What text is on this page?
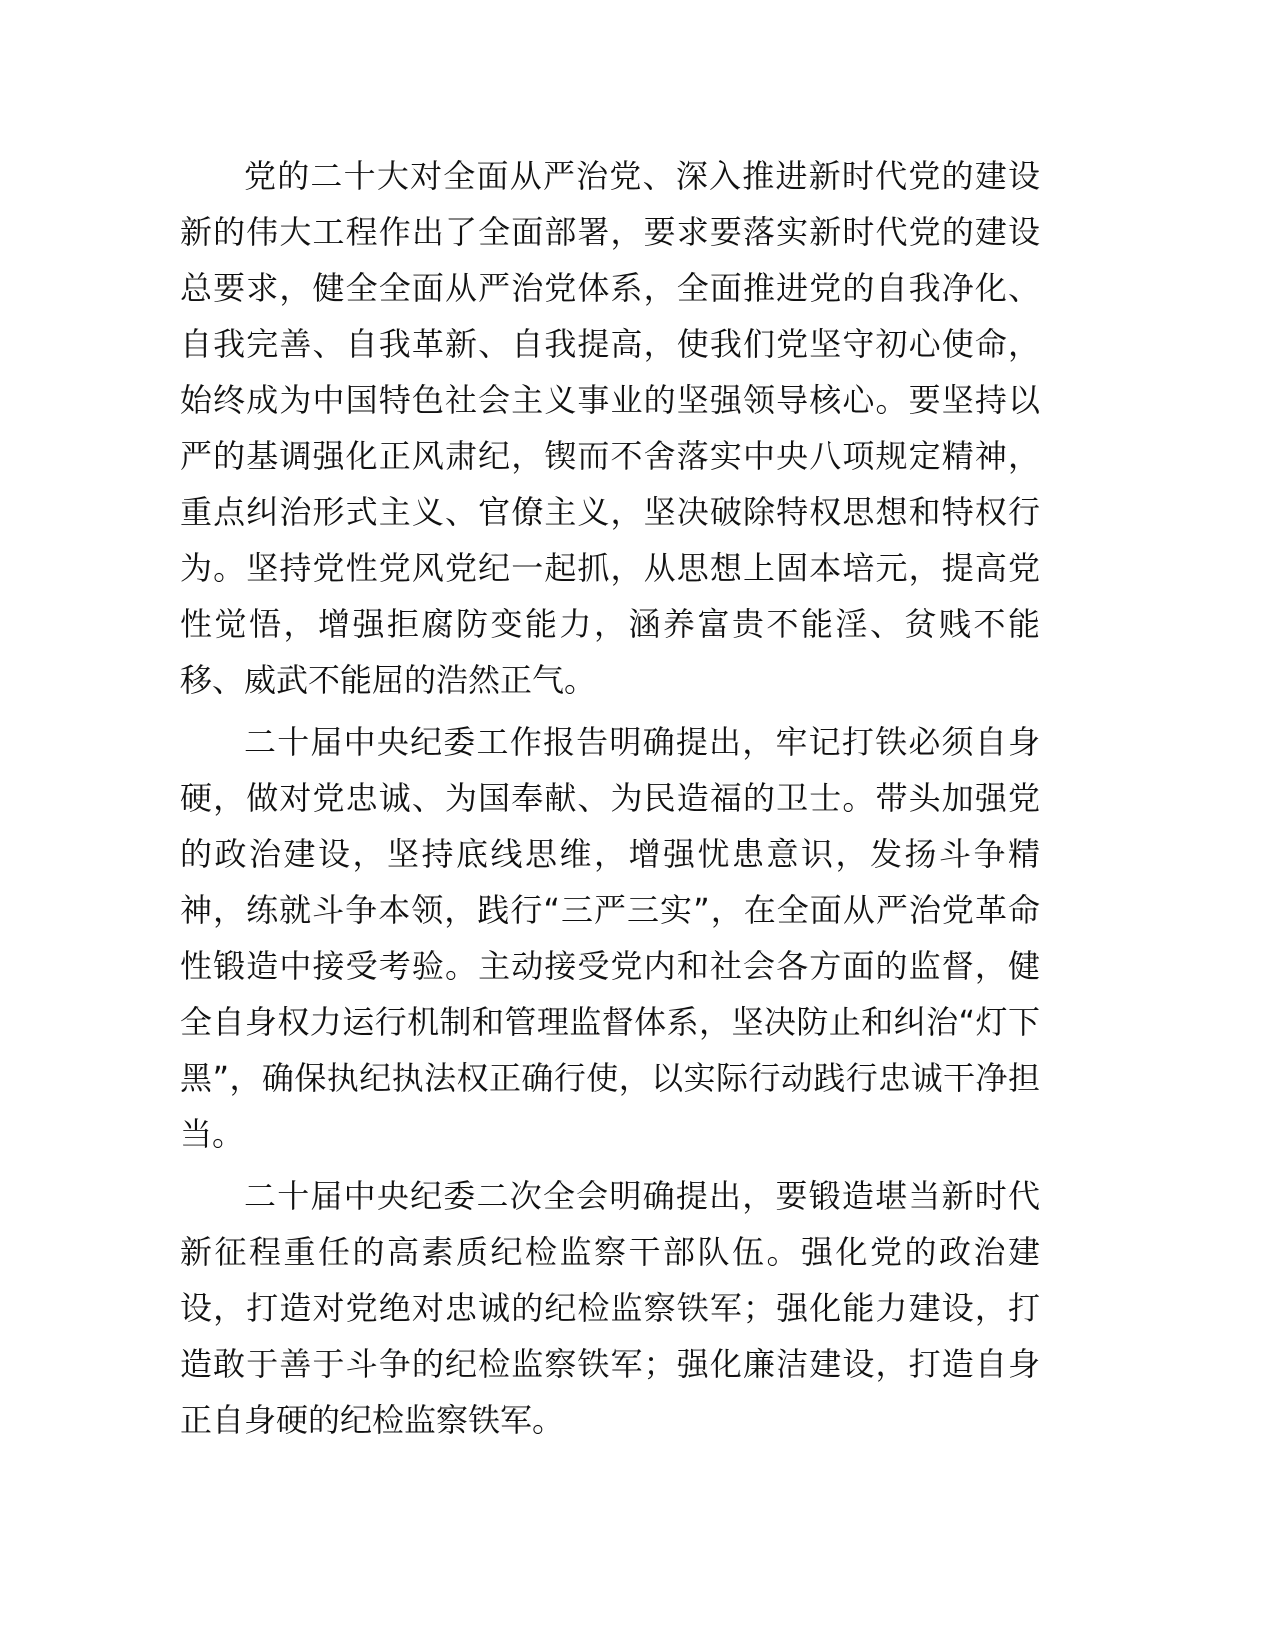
党的二十大对全面从严治党、深入推进新时代党的建设新的伟大工程作出了全面部署，要求要落实新时代党的建设总要求，健全全面从严治党体系，全面推进党的自我净化、自我完善、自我革新、自我提高，使我们党坚守初心使命，始终成为中国特色社会主义事业的坚强领导核心。要坚持以严的基调强化正风肃纪，锲而不舍落实中央八项规定精神，重点纠治形式主义、官僚主义，坚决破除特权思想和特权行为。坚持党性党风党纪一起抓，从思想上固本培元，提高党性觉悟，增强拒腐防变能力，涵养富贵不能淫、贫贱不能移、威武不能屈的浩然正气。

二十届中央纪委工作报告明确提出，牢记打铁必须自身硬，做对党忠诚、为国奉献、为民造福的卫士。带头加强党的政治建设，坚持底线思维，增强忧患意识，发扬斗争精神，练就斗争本领，践行“三严三实”，在全面从严治党革命性锻造中接受考验。主动接受党内和社会各方面的监督，健全自身权力运行机制和管理监督体系，坚决防止和纠治“灯下黑”，确保执纪执法权正确行使，以实际行动践行忠诚干净担当。

二十届中央纪委二次全会明确提出，要锻造堪当新时代新征程重任的高素质纪检监察干部队伍。强化党的政治建设，打造对党绝对忠诚的纪检监察铁军；强化能力建设，打造敢于善于斗争的纪检监察铁军；强化廉洁建设，打造自身正自身硬的纪检监察铁军。
